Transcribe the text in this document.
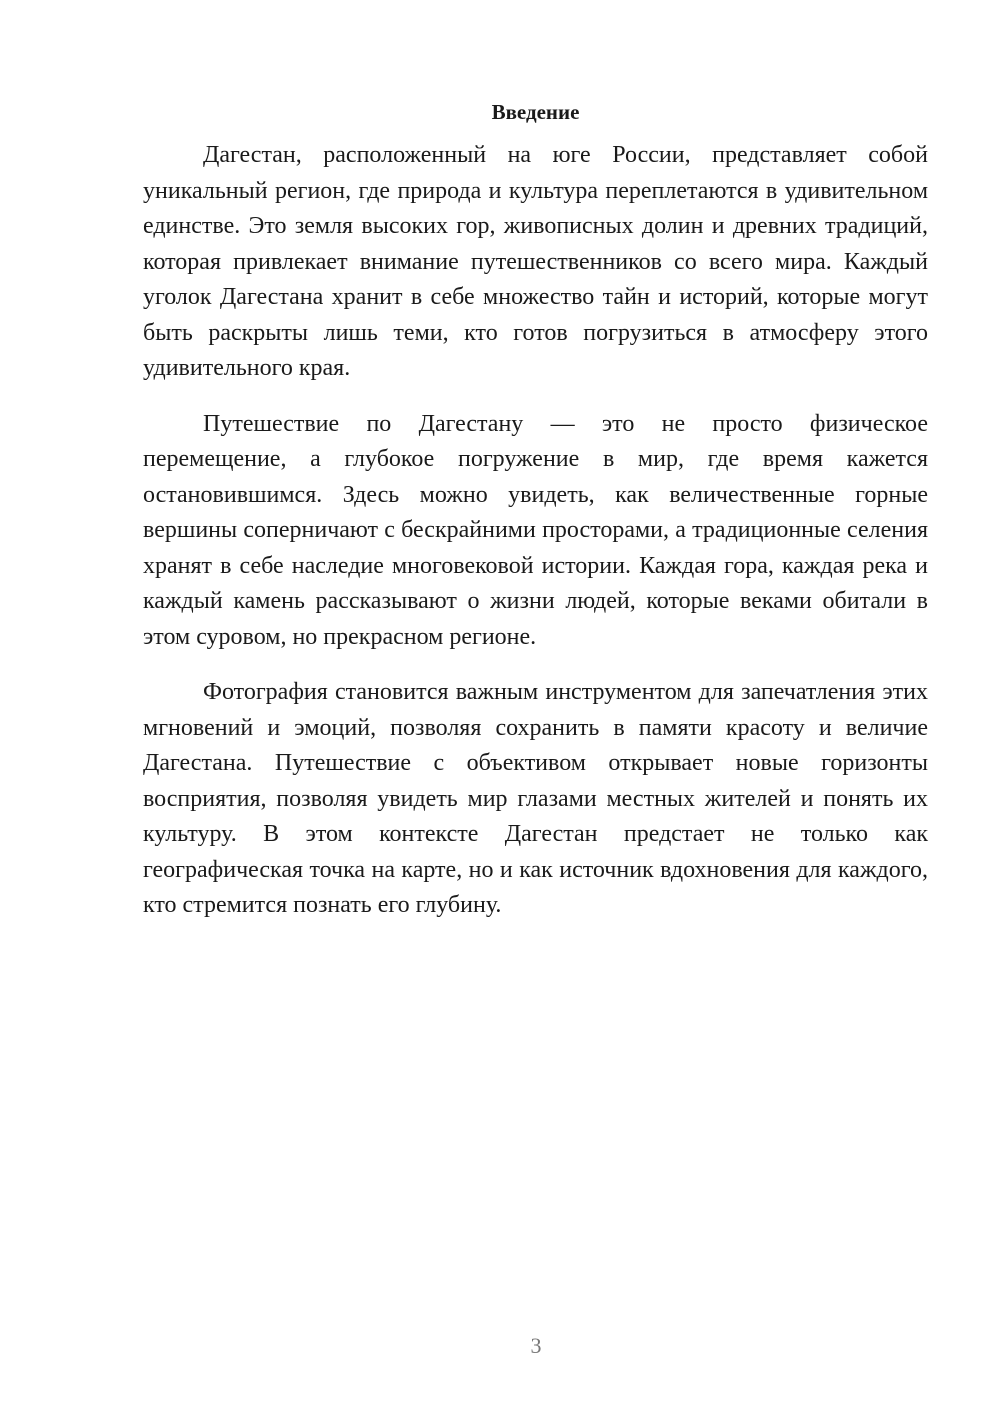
Введение

Дагестан, расположенный на юге России, представляет собой уникальный регион, где природа и культура переплетаются в удивительном единстве. Это земля высоких гор, живописных долин и древних традиций, которая привлекает внимание путешественников со всего мира. Каждый уголок Дагестана хранит в себе множество тайн и историй, которые могут быть раскрыты лишь теми, кто готов погрузиться в атмосферу этого удивительного края.

Путешествие по Дагестану — это не просто физическое перемещение, а глубокое погружение в мир, где время кажется остановившимся. Здесь можно увидеть, как величественные горные вершины соперничают с бескрайними просторами, а традиционные селения хранят в себе наследие многовековой истории. Каждая гора, каждая река и каждый камень рассказывают о жизни людей, которые веками обитали в этом суровом, но прекрасном регионе.

Фотография становится важным инструментом для запечатления этих мгновений и эмоций, позволяя сохранить в памяти красоту и величие Дагестана. Путешествие с объективом открывает новые горизонты восприятия, позволяя увидеть мир глазами местных жителей и понять их культуру. В этом контексте Дагестан предстает не только как географическая точка на карте, но и как источник вдохновения для каждого, кто стремится познать его глубину.

3
